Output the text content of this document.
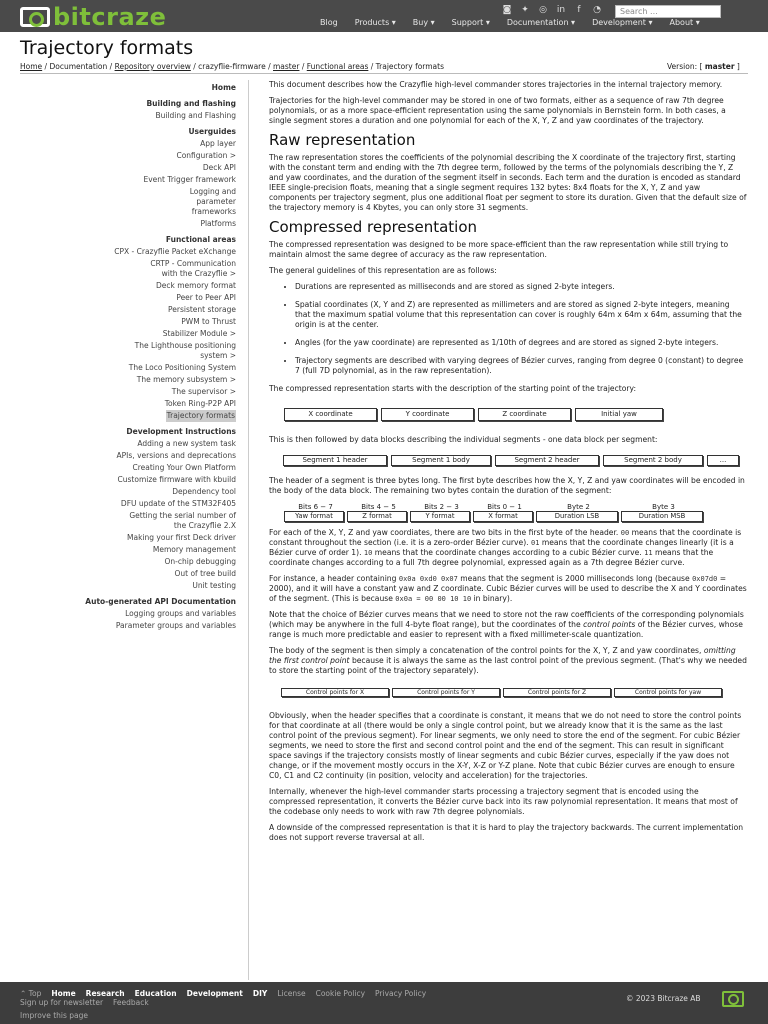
bitcraze	◙ ✦ ◎ in	f	◔	Search ...
Blog Products ▾ Buy ▾ Support ▾ Documentation ▾ Development ▾ About ▾
Trajectory formats
Home / Documentation / Repository overview / crazyflie-firmware / master / Functional areas / Trajectory formats	Version: [ master ]
Home
Building and flashing
Building and Flashing
Userguides
App layer
Configuration >
Deck API
Event Trigger framework
Logging and parameter frameworks
Platforms
Functional areas
CPX - Crazyflie Packet eXchange
CRTP - Communication with the Crazyflie >
Deck memory format
Peer to Peer API
Persistent storage
PWM to Thrust
Stabilizer Module >
The Lighthouse positioning system >
The Loco Positioning System
The memory subsystem >
The supervisor >
Token Ring-P2P API
Trajectory formats
Development Instructions
Adding a new system task
APIs, versions and deprecations
Creating Your Own Platform
Customize firmware with kbuild
Dependency tool
DFU update of the STM32F405
Getting the serial number of the Crazyflie 2.X
Making your first Deck driver
Memory management
On-chip debugging
Out of tree build
Unit testing
Auto-generated API Documentation
Logging groups and variables
Parameter groups and variables

This document describes how the Crazyflie high-level commander stores trajectories in the internal trajectory memory.

Trajectories for the high-level commander may be stored in one of two formats, either as a sequence of raw 7th degree polynomials, or as a more space-efficient representation using the same polynomials in Bernstein form. In both cases, a single segment stores a duration and one polynomial for each of the X, Y, Z and yaw coordinates of the trajectory.

Raw representation

The raw representation stores the coefficients of the polynomial describing the X coordinate of the trajectory first, starting with the constant term and ending with the 7th degree term, followed by the terms of the polynomials describing the Y, Z and yaw coordinates, and the duration of the segment itself in seconds. Each term and the duration is encoded as standard IEEE single-precision floats, meaning that a single segment requires 132 bytes: 8x4 floats for the X, Y, Z and yaw components per trajectory segment, plus one additional float per segment to store its duration. Given that the default size of the trajectory memory is 4 Kbytes, you can only store 31 segments.

Compressed representation

The compressed representation was designed to be more space-efficient than the raw representation while still trying to maintain almost the same degree of accuracy as the raw representation.

The general guidelines of this representation are as follows:

• Durations are represented as milliseconds and are stored as signed 2-byte integers.
• Spatial coordinates (X, Y and Z) are represented as millimeters and are stored as signed 2-byte integers, meaning that the maximum spatial volume that this representation can cover is roughly 64m x 64m x 64m, assuming that the origin is at the center.
• Angles (for the yaw coordinate) are represented as 1/10th of degrees and are stored as signed 2-byte integers.
• Trajectory segments are described with varying degrees of Bézier curves, ranging from degree 0 (constant) to degree 7 (full 7D polynomial, as in the raw representation).

The compressed representation starts with the description of the starting point of the trajectory:

X coordinate	Y coordinate	Z coordinate	Initial yaw

This is then followed by data blocks describing the individual segments - one data block per segment:

Segment 1 header	Segment 1 body	Segment 2 header	Segment 2 body	...

The header of a segment is three bytes long. The first byte describes how the X, Y, Z and yaw coordinates will be encoded in the body of the data block. The remaining two bytes contain the duration of the segment:

Bits 6 − 7	Bits 4 − 5	Bits 2 − 3	Bits 0 − 1	Byte 2	Byte 3
Yaw format	Z format	Y format	X format	Duration LSB	Duration MSB

For each of the X, Y, Z and yaw coordiates, there are two bits in the first byte of the header. 00 means that the coordinate is constant throughout the section (i.e. it is a zero-order Bézier curve). 01 means that the coordinate changes linearly (it is a Bézier curve of order 1). 10 means that the coordinate changes according to a cubic Bézier curve. 11 means that the coordinate changes according to a full 7th degree polynomial, expressed again as a 7th degree Bézier curve.

For instance, a header containing 0x0a 0xd0 0x07 means that the segment is 2000 milliseconds long (because 0x07d0 = 2000), and it will have a constant yaw and Z coordinate. Cubic Bézier curves will be used to describe the X and Y coordinates of the segment. (This is because 0x0a = 00 00 10 10 in binary).

Note that the choice of Bézier curves means that we need to store not the raw coefficients of the corresponding polynomials (which may be anywhere in the full 4-byte float range), but the coordinates of the control points of the Bézier curves, whose range is much more predictable and easier to represent with a fixed millimeter-scale quantization.

The body of the segment is then simply a concatenation of the control points for the X, Y, Z and yaw coordinates, omitting the first control point because it is always the same as the last control point of the previous segment. (That's why we needed to store the starting point of the trajectory separately).

Control points for X	Control points for Y	Control points for Z	Control points for yaw

Obviously, when the header specifies that a coordinate is constant, it means that we do not need to store the control points for that coordinate at all (there would be only a single control point, but we already know that it is the same as the last control point of the previous segment). For linear segments, we only need to store the end of the segment. For cubic Bézier segments, we need to store the first and second control point and the end of the segment. This can result in significant space savings if the trajectory consists mostly of linear segments and cubic Bézier curves, especially if the yaw does not change, or if the movement mostly occurs in the X-Y, X-Z or Y-Z plane. Note that cubic Bézier curves are enough to ensure C0, C1 and C2 continuity (in position, velocity and acceleration) for the trajectories.

Internally, whenever the high-level commander starts processing a trajectory segment that is encoded using the compressed representation, it converts the Bézier curve back into its raw polynomial representation. It means that most of the codebase only needs to work with raw 7th degree polynomials.

A downside of the compressed representation is that it is hard to play the trajectory backwards. The current implementation does not support reverse traversal at all.

⌃ Top Home Research Education Development DIY License Cookie Policy Privacy Policy
Sign up for newsletter Feedback
Improve this page
© 2023 Bitcraze AB
